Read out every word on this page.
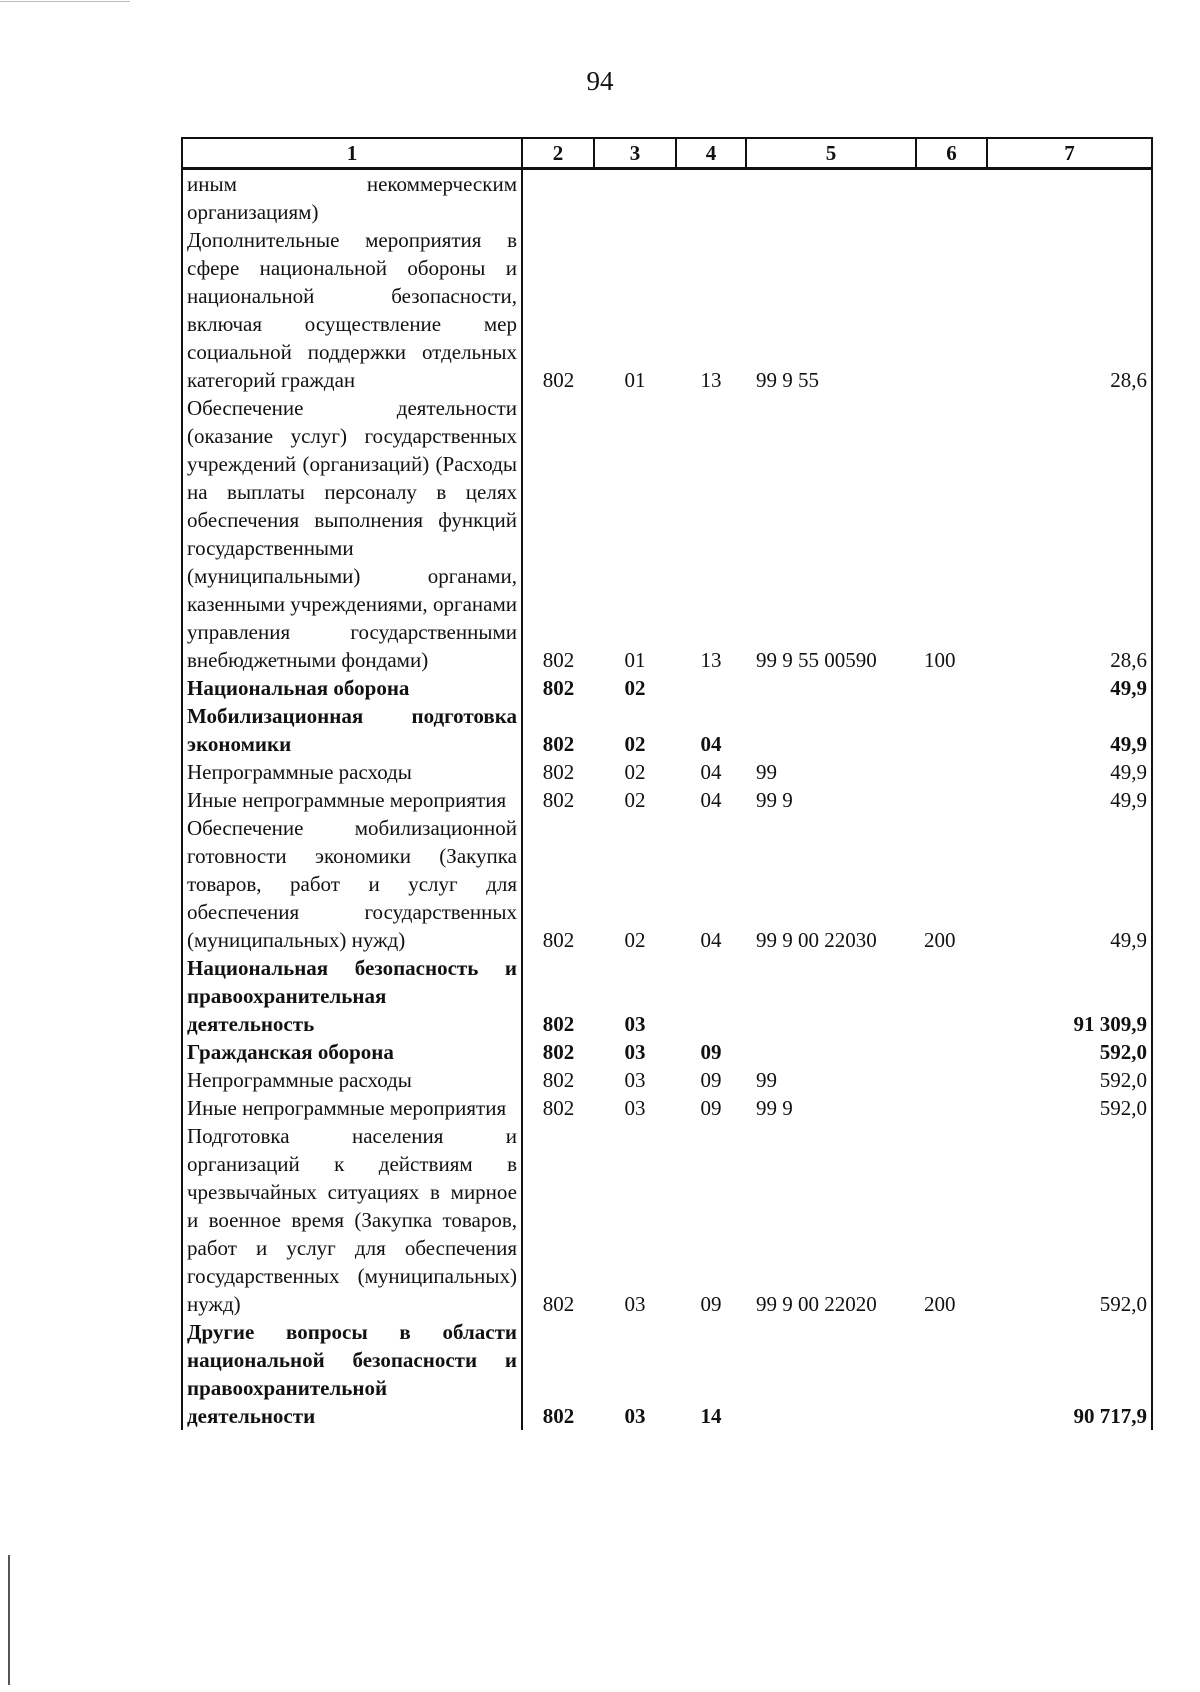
94
1	2	3	4	5	6	7
иным некоммерческим организациям)						
Дополнительные мероприятия в сфере национальной обороны и национальной безопасности, включая осуществление мер социальной поддержки отдельных категорий граждан	802	01	13	99 9 55		28,6
Обеспечение деятельности (оказание услуг) государственных учреждений (организаций) (Расходы на выплаты персоналу в целях обеспечения выполнения функций государственными (муниципальными) органами, казенными учреждениями, органами управления государственными внебюджетными фондами)	802	01	13	99 9 55 00590	100	28,6
Национальная оборона	802	02				49,9
Мобилизационная подготовка экономики	802	02	04			49,9
Непрограммные расходы	802	02	04	99		49,9
Иные непрограммные мероприятия	802	02	04	99 9		49,9
Обеспечение мобилизационной готовности экономики (Закупка товаров, работ и услуг для обеспечения государственных (муниципальных) нужд)	802	02	04	99 9 00 22030	200	49,9
Национальная безопасность и правоохранительная деятельность	802	03				91 309,9
Гражданская оборона	802	03	09			592,0
Непрограммные расходы	802	03	09	99		592,0
Иные непрограммные мероприятия	802	03	09	99 9		592,0
Подготовка населения и организаций к действиям в чрезвычайных ситуациях в мирное и военное время (Закупка товаров, работ и услуг для обеспечения государственных (муниципальных) нужд)	802	03	09	99 9 00 22020	200	592,0
Другие вопросы в области национальной безопасности и правоохранительной деятельности	802	03	14			90 717,9
